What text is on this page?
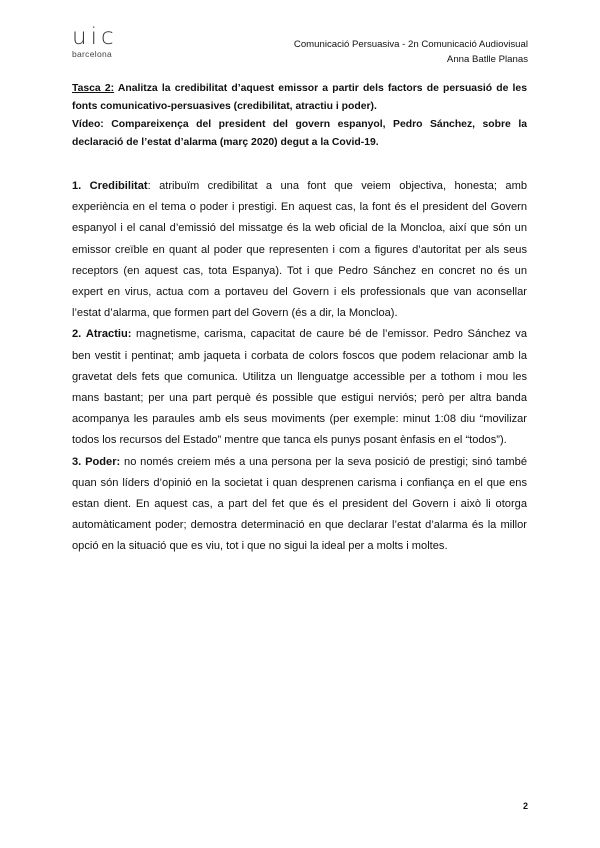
uic
barcelona
Comunicació Persuasiva - 2n Comunicació Audiovisual
Anna Batlle Planas

Tasca 2: Analitza la credibilitat d’aquest emissor a partir dels factors de persuasió de les fonts comunicativo-persuasives (credibilitat, atractiu i poder).

Vídeo: Compareixença del president del govern espanyol, Pedro Sánchez, sobre la declaració de l’estat d’alarma (març 2020) degut a la Covid-19.

1. Credibilitat: atribuïm credibilitat a una font que veiem objectiva, honesta; amb experiència en el tema o poder i prestigi. En aquest cas, la font és el president del Govern espanyol i el canal d’emissió del missatge és la web oficial de la Moncloa, així que són un emissor creïble en quant al poder que representen i com a figures d’autoritat per als seus receptors (en aquest cas, tota Espanya). Tot i que Pedro Sánchez en concret no és un expert en virus, actua com a portaveu del Govern i els professionals que van aconsellar l’estat d’alarma, que formen part del Govern (és a dir, la Moncloa).

2. Atractiu: magnetisme, carisma, capacitat de caure bé de l’emissor. Pedro Sánchez va ben vestit i pentinat; amb jaqueta i corbata de colors foscos que podem relacionar amb la gravetat dels fets que comunica. Utilitza un llenguatge accessible per a tothom i mou les mans bastant; per una part perquè és possible que estigui nerviós; però per altra banda acompanya les paraules amb els seus moviments (per exemple: minut 1:08 diu “movilizar todos los recursos del Estado” mentre que tanca els punys posant ènfasis en el “todos”).

3. Poder: no només creiem més a una persona per la seva posició de prestigi; sinó també quan són líders d’opinió en la societat i quan desprenen carisma i confiança en el que ens estan dient. En aquest cas, a part del fet que és el president del Govern i això li otorga automàticament poder; demostra determinació en que declarar l’estat d’alarma és la millor opció en la situació que es viu, tot i que no sigui la ideal per a molts i moltes.

2
